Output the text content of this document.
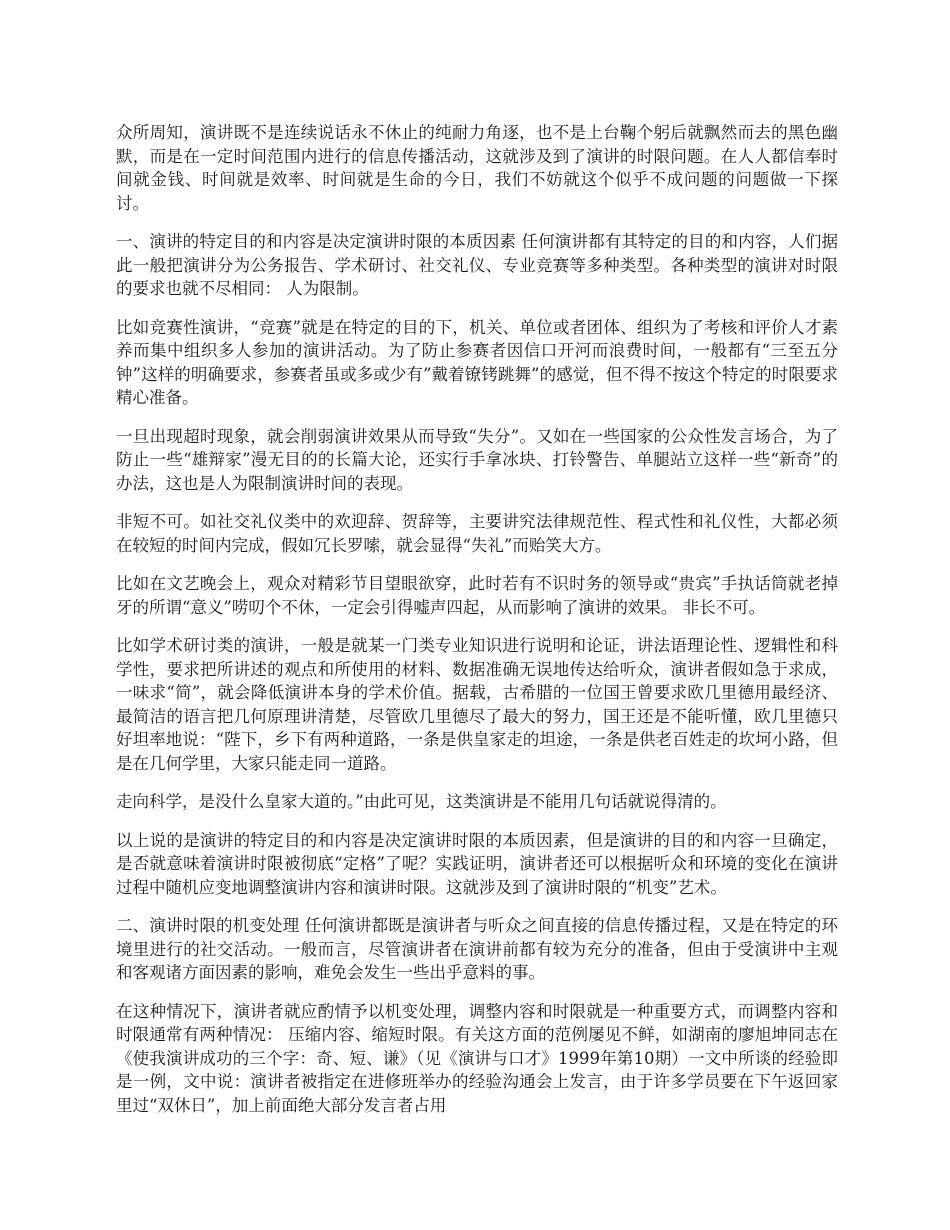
众所周知，演讲既不是连续说话永不休止的纯耐力角逐，也不是上台鞠个躬后就飘然而去的黑色幽默，而是在一定时间范围内进行的信息传播活动，这就涉及到了演讲的时限问题。在人人都信奉时间就金钱、时间就是效率、时间就是生命的今日，我们不妨就这个似乎不成问题的问题做一下探讨。

一、演讲的特定目的和内容是决定演讲时限的本质因素 任何演讲都有其特定的目的和内容，人们据此一般把演讲分为公务报告、学术研讨、社交礼仪、专业竞赛等多种类型。各种类型的演讲对时限的要求也就不尽相同： 人为限制。

比如竞赛性演讲，“竞赛”就是在特定的目的下，机关、单位或者团体、组织为了考核和评价人才素养而集中组织多人参加的演讲活动。为了防止参赛者因信口开河而浪费时间，一般都有“三至五分钟”这样的明确要求，参赛者虽或多或少有”戴着镣铐跳舞”的感觉，但不得不按这个特定的时限要求精心准备。

一旦出现超时现象，就会削弱演讲效果从而导致“失分”。又如在一些国家的公众性发言场合，为了防止一些“雄辩家”漫无目的的长篇大论，还实行手拿冰块、打铃警告、单腿站立这样一些“新奇”的办法，这也是人为限制演讲时间的表现。

非短不可。如社交礼仪类中的欢迎辞、贺辞等，主要讲究法律规范性、程式性和礼仪性，大都必须在较短的时间内完成，假如冗长罗嗦，就会显得“失礼”而贻笑大方。

比如在文艺晚会上，观众对精彩节目望眼欲穿，此时若有不识时务的领导或“贵宾”手执话筒就老掉牙的所谓“意义”唠叨个不休，一定会引得嘘声四起，从而影响了演讲的效果。 非长不可。

比如学术研讨类的演讲，一般是就某一门类专业知识进行说明和论证，讲法语理论性、逻辑性和科学性，要求把所讲述的观点和所使用的材料、数据准确无误地传达给听众，演讲者假如急于求成，一味求“简”，就会降低演讲本身的学术价值。据载，古希腊的一位国王曾要求欧几里德用最经济、最简洁的语言把几何原理讲清楚，尽管欧几里德尽了最大的努力，国王还是不能听懂，欧几里德只好坦率地说：“陛下，乡下有两种道路，一条是供皇家走的坦途，一条是供老百姓走的坎坷小路，但是在几何学里，大家只能走同一道路。

走向科学，是没什么皇家大道的。”由此可见，这类演讲是不能用几句话就说得清的。

以上说的是演讲的特定目的和内容是决定演讲时限的本质因素，但是演讲的目的和内容一旦确定，是否就意味着演讲时限被彻底“定格”了呢？实践证明，演讲者还可以根据听众和环境的变化在演讲过程中随机应变地调整演讲内容和演讲时限。这就涉及到了演讲时限的“机变”艺术。

二、演讲时限的机变处理 任何演讲都既是演讲者与听众之间直接的信息传播过程，又是在特定的环境里进行的社交活动。一般而言，尽管演讲者在演讲前都有较为充分的准备，但由于受演讲中主观和客观诸方面因素的影响，难免会发生一些出乎意料的事。

在这种情况下，演讲者就应酌情予以机变处理，调整内容和时限就是一种重要方式，而调整内容和时限通常有两种情况： 压缩内容、缩短时限。有关这方面的范例屡见不鲜，如湖南的廖旭坤同志在《使我演讲成功的三个字：奇、短、谦》（见《演讲与口才》1999年第10期）一文中所谈的经验即是一例，文中说：演讲者被指定在进修班举办的经验沟通会上发言，由于许多学员要在下午返回家里过“双休日”，加上前面绝大部分发言者占用
